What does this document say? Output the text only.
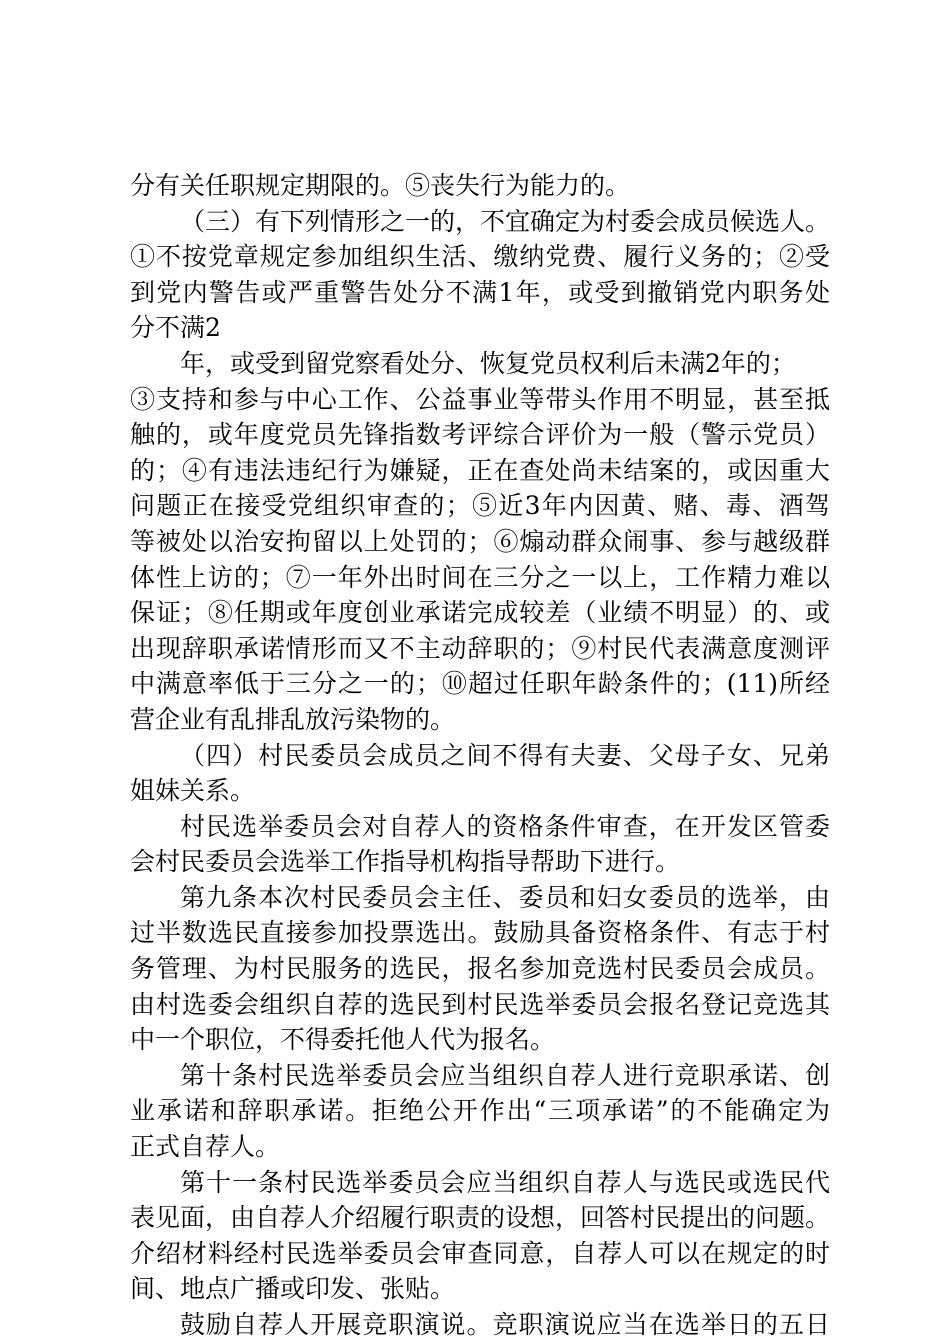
分有关任职规定期限的。⑤丧失行为能力的。
（三）有下列情形之一的，不宜确定为村委会成员候选人。
①不按党章规定参加组织生活、缴纳党费、履行义务的；②受
到党内警告或严重警告处分不满1年，或受到撤销党内职务处
分不满2
年，或受到留党察看处分、恢复党员权利后未满2年的；
③支持和参与中心工作、公益事业等带头作用不明显，甚至抵
触的，或年度党员先锋指数考评综合评价为一般（警示党员）
的；④有违法违纪行为嫌疑，正在查处尚未结案的，或因重大
问题正在接受党组织审查的；⑤近3年内因黄、赌、毒、酒驾
等被处以治安拘留以上处罚的；⑥煽动群众闹事、参与越级群
体性上访的；⑦一年外出时间在三分之一以上，工作精力难以
保证；⑧任期或年度创业承诺完成较差（业绩不明显）的、或
出现辞职承诺情形而又不主动辞职的；⑨村民代表满意度测评
中满意率低于三分之一的；⑩超过任职年龄条件的；(11)所经
营企业有乱排乱放污染物的。
（四）村民委员会成员之间不得有夫妻、父母子女、兄弟
姐妹关系。
村民选举委员会对自荐人的资格条件审查，在开发区管委
会村民委员会选举工作指导机构指导帮助下进行。
第九条本次村民委员会主任、委员和妇女委员的选举，由
过半数选民直接参加投票选出。鼓励具备资格条件、有志于村
务管理、为村民服务的选民，报名参加竞选村民委员会成员。
由村选委会组织自荐的选民到村民选举委员会报名登记竞选其
中一个职位，不得委托他人代为报名。
第十条村民选举委员会应当组织自荐人进行竞职承诺、创
业承诺和辞职承诺。拒绝公开作出“三项承诺”的不能确定为
正式自荐人。
第十一条村民选举委员会应当组织自荐人与选民或选民代
表见面，由自荐人介绍履行职责的设想，回答村民提出的问题。
介绍材料经村民选举委员会审查同意，自荐人可以在规定的时
间、地点广播或印发、张贴。
鼓励自荐人开展竞职演说。竞职演说应当在选举日的五日
